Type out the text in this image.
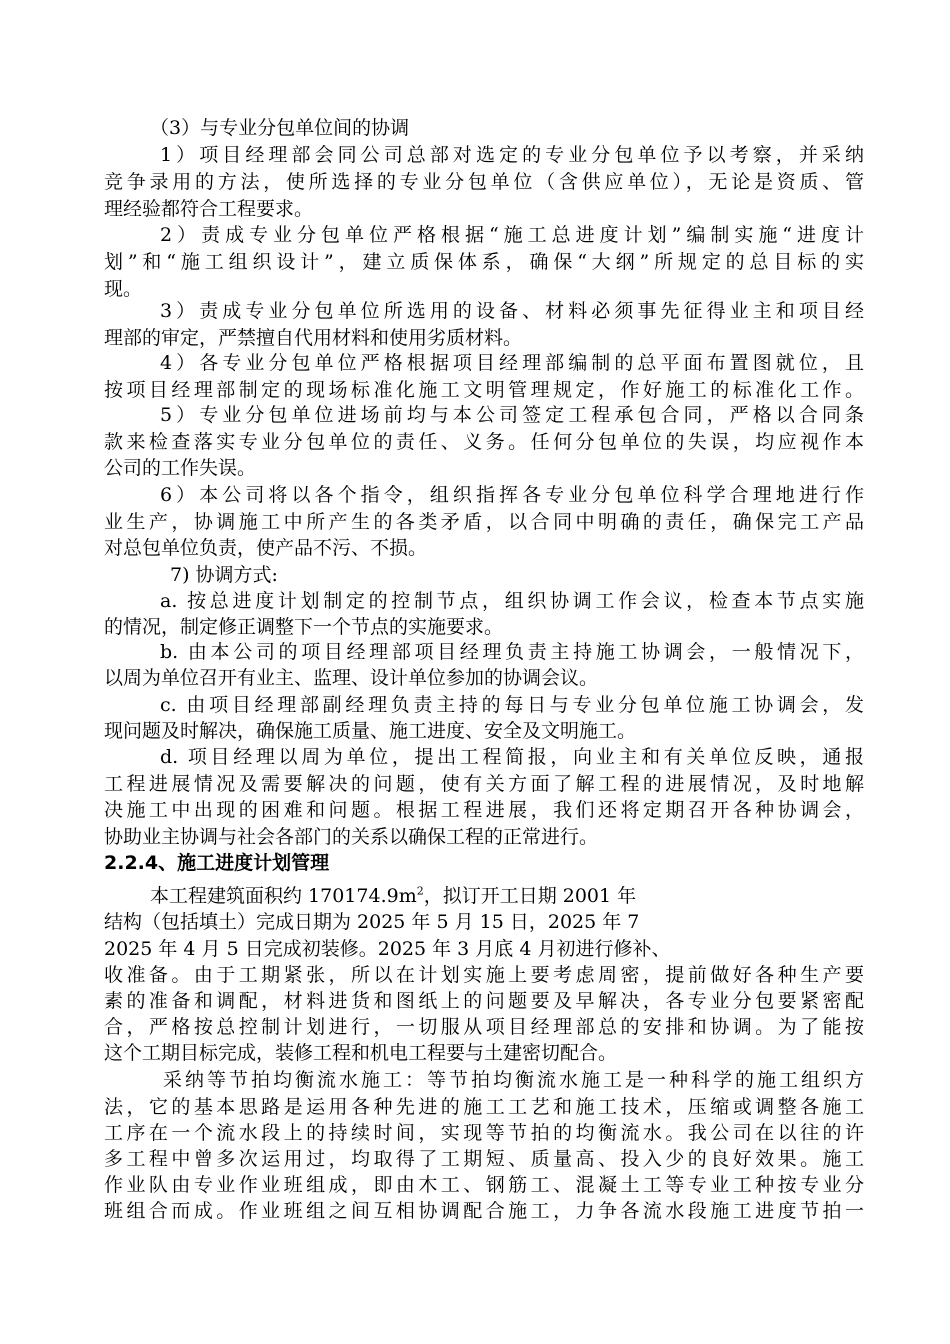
（3）与专业分包单位间的协调
1）项目经理部会同公司总部对选定的专业分包单位予以考察，并采纳
竞争录用的方法，使所选择的专业分包单位（含供应单位），无论是资质、管
理经验都符合工程要求。
2）责成专业分包单位严格根据“施工总进度计划”编制实施“进度计
划”和“施工组织设计”，建立质保体系，确保“大纲”所规定的总目标的实
现。
3）责成专业分包单位所选用的设备、材料必须事先征得业主和项目经
理部的审定，严禁擅自代用材料和使用劣质材料。
4）各专业分包单位严格根据项目经理部编制的总平面布置图就位，且
按项目经理部制定的现场标准化施工文明管理规定，作好施工的标准化工作。
5）专业分包单位进场前均与本公司签定工程承包合同，严格以合同条
款来检查落实专业分包单位的责任、义务。任何分包单位的失误，均应视作本
公司的工作失误。
6）本公司将以各个指令，组织指挥各专业分包单位科学合理地进行作
业生产，协调施工中所产生的各类矛盾，以合同中明确的责任，确保完工产品
对总包单位负责，使产品不污、不损。
7) 协调方式:
a. 按总进度计划制定的控制节点，组织协调工作会议，检查本节点实施
的情况，制定修正调整下一个节点的实施要求。
b. 由本公司的项目经理部项目经理负责主持施工协调会，一般情况下，
以周为单位召开有业主、监理、设计单位参加的协调会议。
c. 由项目经理部副经理负责主持的每日与专业分包单位施工协调会，发
现问题及时解决，确保施工质量、施工进度、安全及文明施工。
d. 项目经理以周为单位，提出工程简报，向业主和有关单位反映，通报
工程进展情况及需要解决的问题，使有关方面了解工程的进展情况，及时地解
决施工中出现的困难和问题。根据工程进展，我们还将定期召开各种协调会，
协助业主协调与社会各部门的关系以确保工程的正常进行。
2.2.4、施工进度计划管理
本工程建筑面积约 $170174.9m^2$，拟订开工日期 2001 年
结构（包括填土）完成日期为 2025 年 5 月 15 日，2025 年 7
2025 年 4 月 5 日完成初装修。2025 年 3 月底 4 月初进行修补、
收准备。由于工期紧张，所以在计划实施上要考虑周密，提前做好各种生产要
素的准备和调配，材料进货和图纸上的问题要及早解决，各专业分包要紧密配
合，严格按总控制计划进行，一切服从项目经理部总的安排和协调。为了能按
这个工期目标完成，装修工程和机电工程要与土建密切配合。
采纳等节拍均衡流水施工：等节拍均衡流水施工是一种科学的施工组织方
法，它的基本思路是运用各种先进的施工工艺和施工技术，压缩或调整各施工
工序在一个流水段上的持续时间，实现等节拍的均衡流水。我公司在以往的许
多工程中曾多次运用过，均取得了工期短、质量高、投入少的良好效果。施工
作业队由专业作业班组成，即由木工、钢筋工、混凝土工等专业工种按专业分
班组合而成。作业班组之间互相协调配合施工，力争各流水段施工进度节拍一
